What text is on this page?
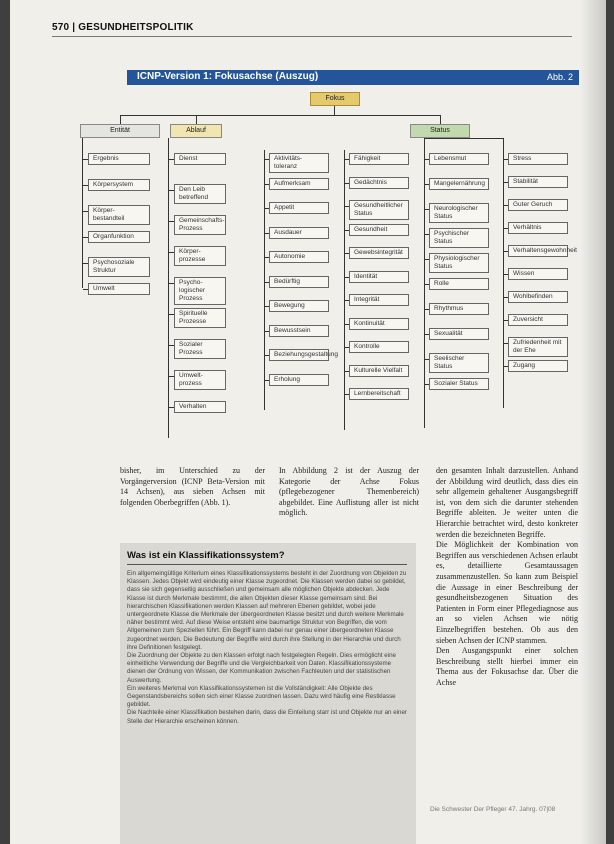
570 | GESUNDHEITSPOLITIK
ICNP-Version 1: Fokusachse (Auszug)	Abb. 2
Fokus
Entität	Ablauf	Status
Ergebnis
Körpersystem
Körper-bestandteil
Organfunktion
Psychosoziale Struktur
Umwelt
Dienst
Den Leib betreffend
Gemeinschafts-Prozess
Körper-prozesse
Psycho-logischer Prozess
Spirituelle Prozesse
Sozialer Prozess
Umwelt-prozess
Verhalten
Aktivitäts-toleranz
Aufmerksam
Appetit
Ausdauer
Autonomie
Bedürftig
Bewegung
Bewusstsein
Beziehungsgestaltung
Erholung
Fähigkeit
Gedächtnis
Gesundheitlicher Status
Gesundheit
Gewebsintegrität
Identität
Integrität
Kontinuität
Kontrolle
Kulturelle Vielfalt
Lernbereitschaft
Lebensmut
Mangelernährung
Neurologischer Status
Psychischer Status
Physiologischer Status
Rolle
Rhythmus
Sexualität
Seelischer Status
Sozialer Status
Stress
Stabilität
Guter Geruch
Verhältnis
Verhaltensgewohnheit
Wissen
Wohlbefinden
Zuversicht
Zufriedenheit mit der Ehe
Zugang
bisher, im Unterschied zu der Vorgängerversion (ICNP Beta-Version mit 14 Achsen), aus sieben Achsen mit folgenden Oberbegriffen (Abb. 1).
In Abbildung 2 ist der Auszug der Kategorie der Achse Fokus (pflegebezogener Themenbereich) abgebildet. Eine Auflistung aller ist nicht möglich.
den gesamten Inhalt darzustellen. Anhand der Abbildung wird deutlich, dass dies ein sehr allgemein gehaltener Ausgangsbegriff ist, von dem sich die darunter stehenden Begriffe ableiten. Je weiter unten die Hierarchie betrachtet wird, desto konkreter werden die bezeichneten Begriffe.
Die Möglichkeit der Kombination von Begriffen aus verschiedenen Achsen erlaubt es, detaillierte Gesamtaussagen zusammenzustellen. So kann zum Beispiel die Aussage in einer Beschreibung der gesundheitsbezogenen Situation des Patienten in Form einer Pflegediagnose aus an so vielen Achsen wie nötig Einzelbegriffen bestehen. Ob aus den sieben Achsen der ICNP stammen.
Den Ausgangspunkt einer solchen Beschreibung stellt hierbei immer ein Thema aus der Fokusachse dar. Über die Achse
Was ist ein Klassifikationssystem?
Ein allgemeingültige Kriterium eines Klassifikationssystems besteht in der Zuordnung von Objekten zu Klassen. Jedes Objekt wird eindeutig einer Klasse zugeordnet. Die Klassen werden dabei so gebildet, dass sie sich gegenseitig ausschließen und gemeinsam alle möglichen Objekte abdecken. Jede Klasse ist durch Merkmale bestimmt, die allen Objekten dieser Klasse gemeinsam sind. Bei hierarchischen Klassifikationen werden Klassen auf mehreren Ebenen gebildet, wobei jede untergeordnete Klasse die Merkmale der übergeordneten Klasse besitzt und durch weitere Merkmale näher bestimmt wird. Auf diese Weise entsteht eine baumartige Struktur von Begriffen, die vom Allgemeinen zum Speziellen führt. Ein Begriff kann dabei nur genau einer übergeordneten Klasse zugeordnet werden. Die Bedeutung der Begriffe wird durch ihre Stellung in der Hierarchie und durch ihre Definitionen festgelegt.
Die Zuordnung der Objekte zu den Klassen erfolgt nach festgelegten Regeln. Dies ermöglicht eine einheitliche Verwendung der Begriffe und die Vergleichbarkeit von Daten. Klassifikationssysteme dienen der Ordnung von Wissen, der Kommunikation zwischen Fachleuten und der statistischen Auswertung.
Ein weiteres Merkmal von Klassifikationssystemen ist die Vollständigkeit: Alle Objekte des Gegenstandsbereichs sollen sich einer Klasse zuordnen lassen. Dazu wird häufig eine Restklasse gebildet.
Die Nachteile einer Klassifikation bestehen darin, dass die Einteilung starr ist und Objekte nur an einer Stelle der Hierarchie erscheinen können.
Die Schwester Der Pfleger 47. Jahrg. 07|08
